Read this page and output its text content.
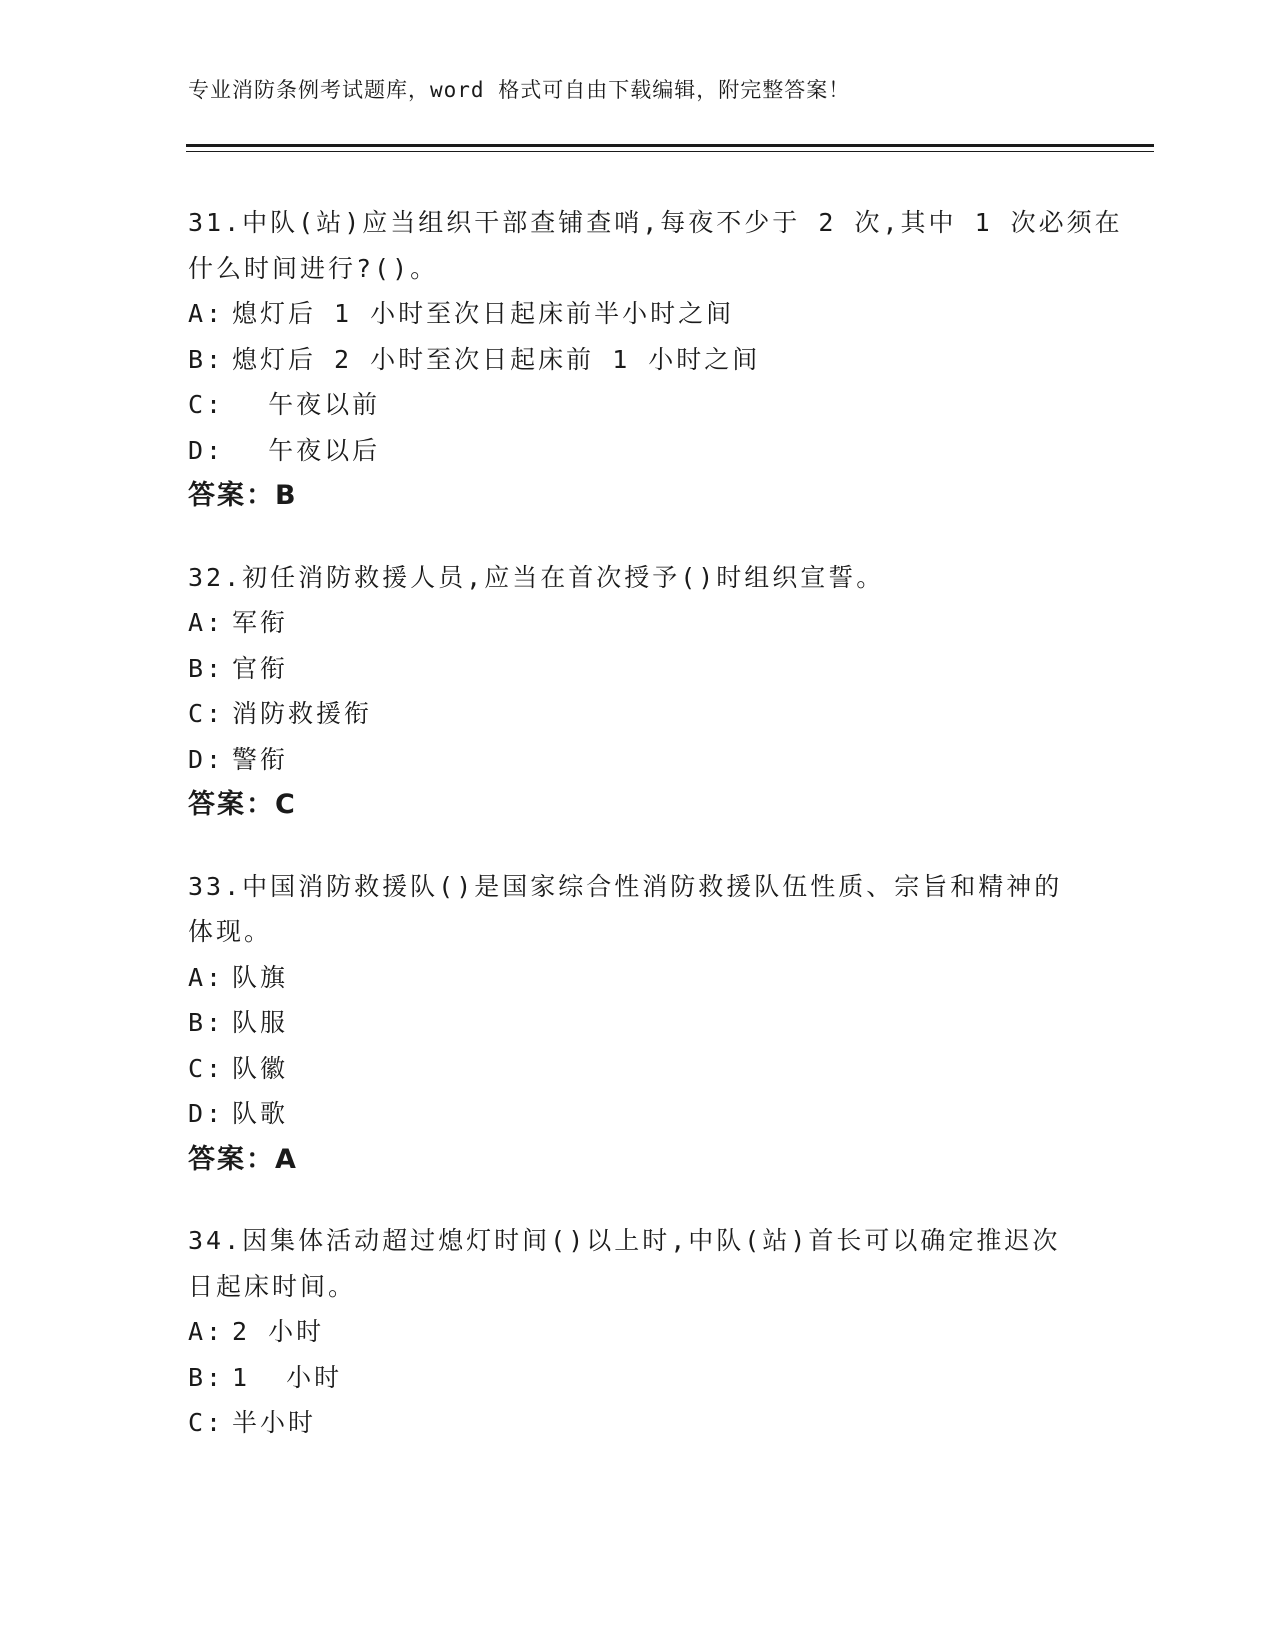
专业消防条例考试题库，word 格式可自由下载编辑，附完整答案！
31.中队(站)应当组织干部查铺查哨,每夜不少于 2 次,其中 1 次必须在
什么时间进行?()。
A: 熄灯后 1 小时至次日起床前半小时之间
B: 熄灯后 2 小时至次日起床前 1 小时之间
C: 午夜以前
D: 午夜以后
答案：B
32.初任消防救援人员,应当在首次授予()时组织宣誓。
A: 军衔
B: 官衔
C: 消防救援衔
D: 警衔
答案：C
33.中国消防救援队()是国家综合性消防救援队伍性质、宗旨和精神的
体现。
A: 队旗
B: 队服
C: 队徽
D: 队歌
答案：A
34.因集体活动超过熄灯时间()以上时,中队(站)首长可以确定推迟次
日起床时间。
A: 2 小时
B: 1  小时
C: 半小时
